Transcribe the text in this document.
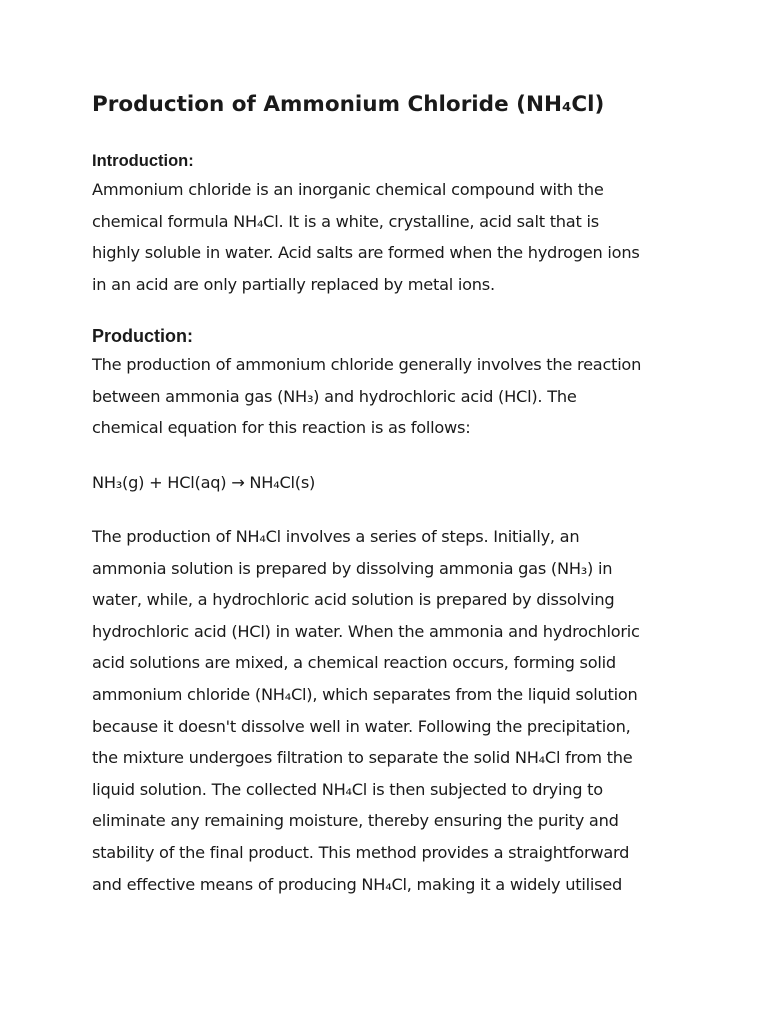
Production of Ammonium Chloride (NH₄Cl)
Introduction:
Ammonium chloride is an inorganic chemical compound with the
chemical formula NH₄Cl. It is a white, crystalline, acid salt that is
highly soluble in water. Acid salts are formed when the hydrogen ions
in an acid are only partially replaced by metal ions.
Production:
The production of ammonium chloride generally involves the reaction
between ammonia gas (NH₃) and hydrochloric acid (HCl). The
chemical equation for this reaction is as follows:
NH₃(g) + HCl(aq) → NH₄Cl(s)
The production of NH₄Cl involves a series of steps. Initially, an
ammonia solution is prepared by dissolving ammonia gas (NH₃) in
water, while, a hydrochloric acid solution is prepared by dissolving
hydrochloric acid (HCl) in water. When the ammonia and hydrochloric
acid solutions are mixed, a chemical reaction occurs, forming solid
ammonium chloride (NH₄Cl), which separates from the liquid solution
because it doesn't dissolve well in water. Following the precipitation,
the mixture undergoes filtration to separate the solid NH₄Cl from the
liquid solution. The collected NH₄Cl is then subjected to drying to
eliminate any remaining moisture, thereby ensuring the purity and
stability of the final product. This method provides a straightforward
and effective means of producing NH₄Cl, making it a widely utilised
